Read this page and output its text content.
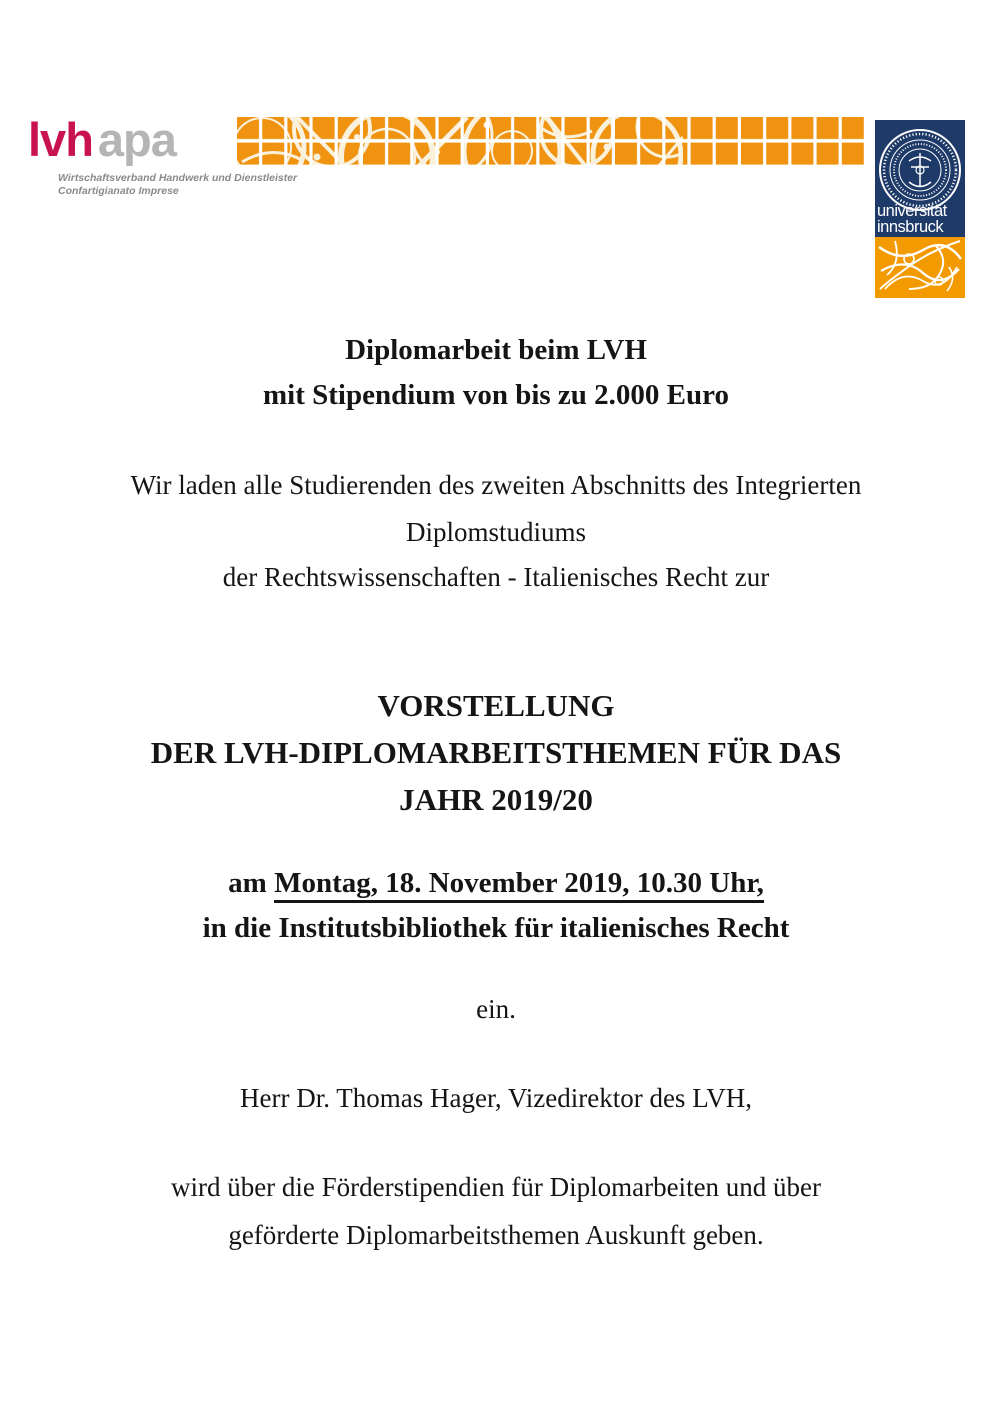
lvh apa
Wirtschaftsverband Handwerk und Dienstleister
Confartigianato Imprese
universität
innsbruck
Diplomarbeit beim LVH
mit Stipendium von bis zu 2.000 Euro
Wir laden alle Studierenden des zweiten Abschnitts des Integrierten
Diplomstudiums
der Rechtswissenschaften - Italienisches Recht zur
VORSTELLUNG
DER LVH-DIPLOMARBEITSTHEMEN FÜR DAS
JAHR 2019/20
am Montag, 18. November 2019, 10.30 Uhr,
in die Institutsbibliothek für italienisches Recht
ein.
Herr Dr. Thomas Hager, Vizedirektor des LVH,
wird über die Förderstipendien für Diplomarbeiten und über
geförderte Diplomarbeitsthemen Auskunft geben.
